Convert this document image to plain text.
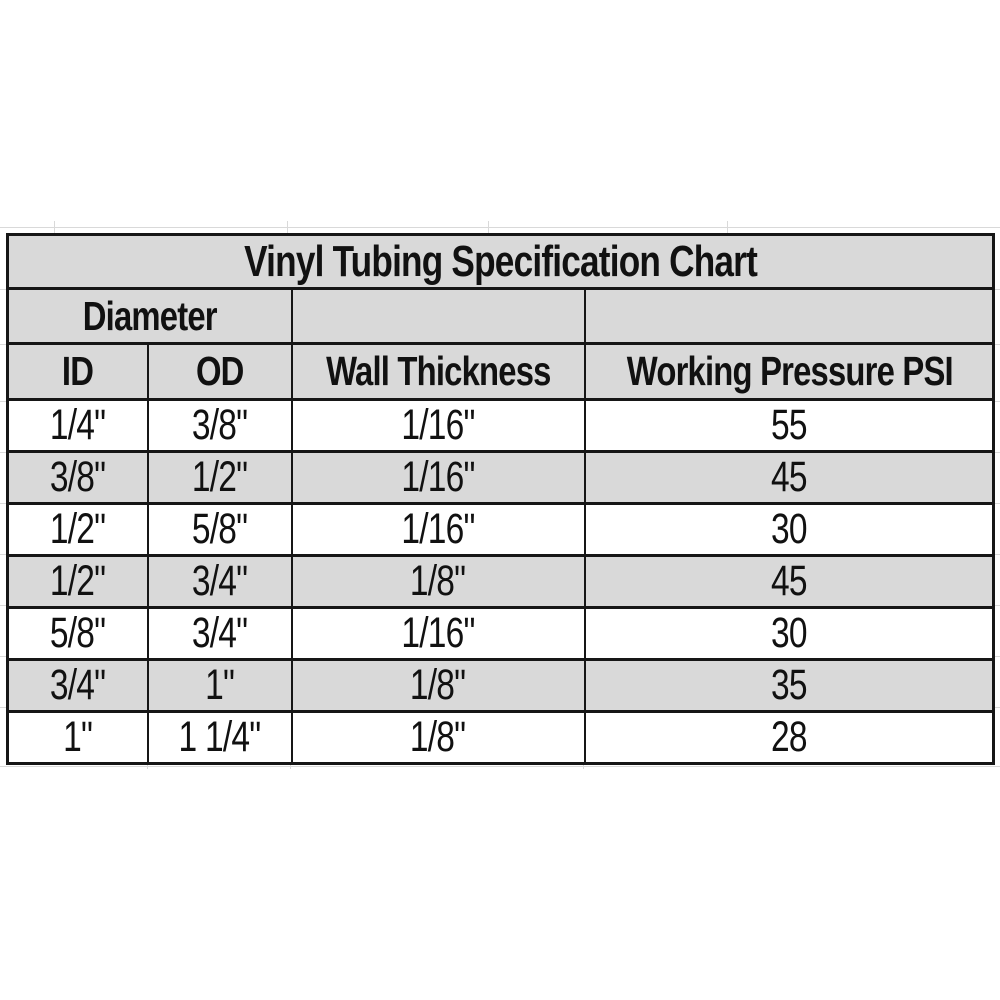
Vinyl Tubing Specification Chart			
Diameter			
ID	OD	Wall Thickness	Working Pressure PSI
1/4"	3/8"	1/16"	55
3/8"	1/2"	1/16"	45
1/2"	5/8"	1/16"	30
1/2"	3/4"	1/8"	45
5/8"	3/4"	1/16"	30
3/4"	1"	1/8"	35
1"	1 1/4"	1/8"	28
